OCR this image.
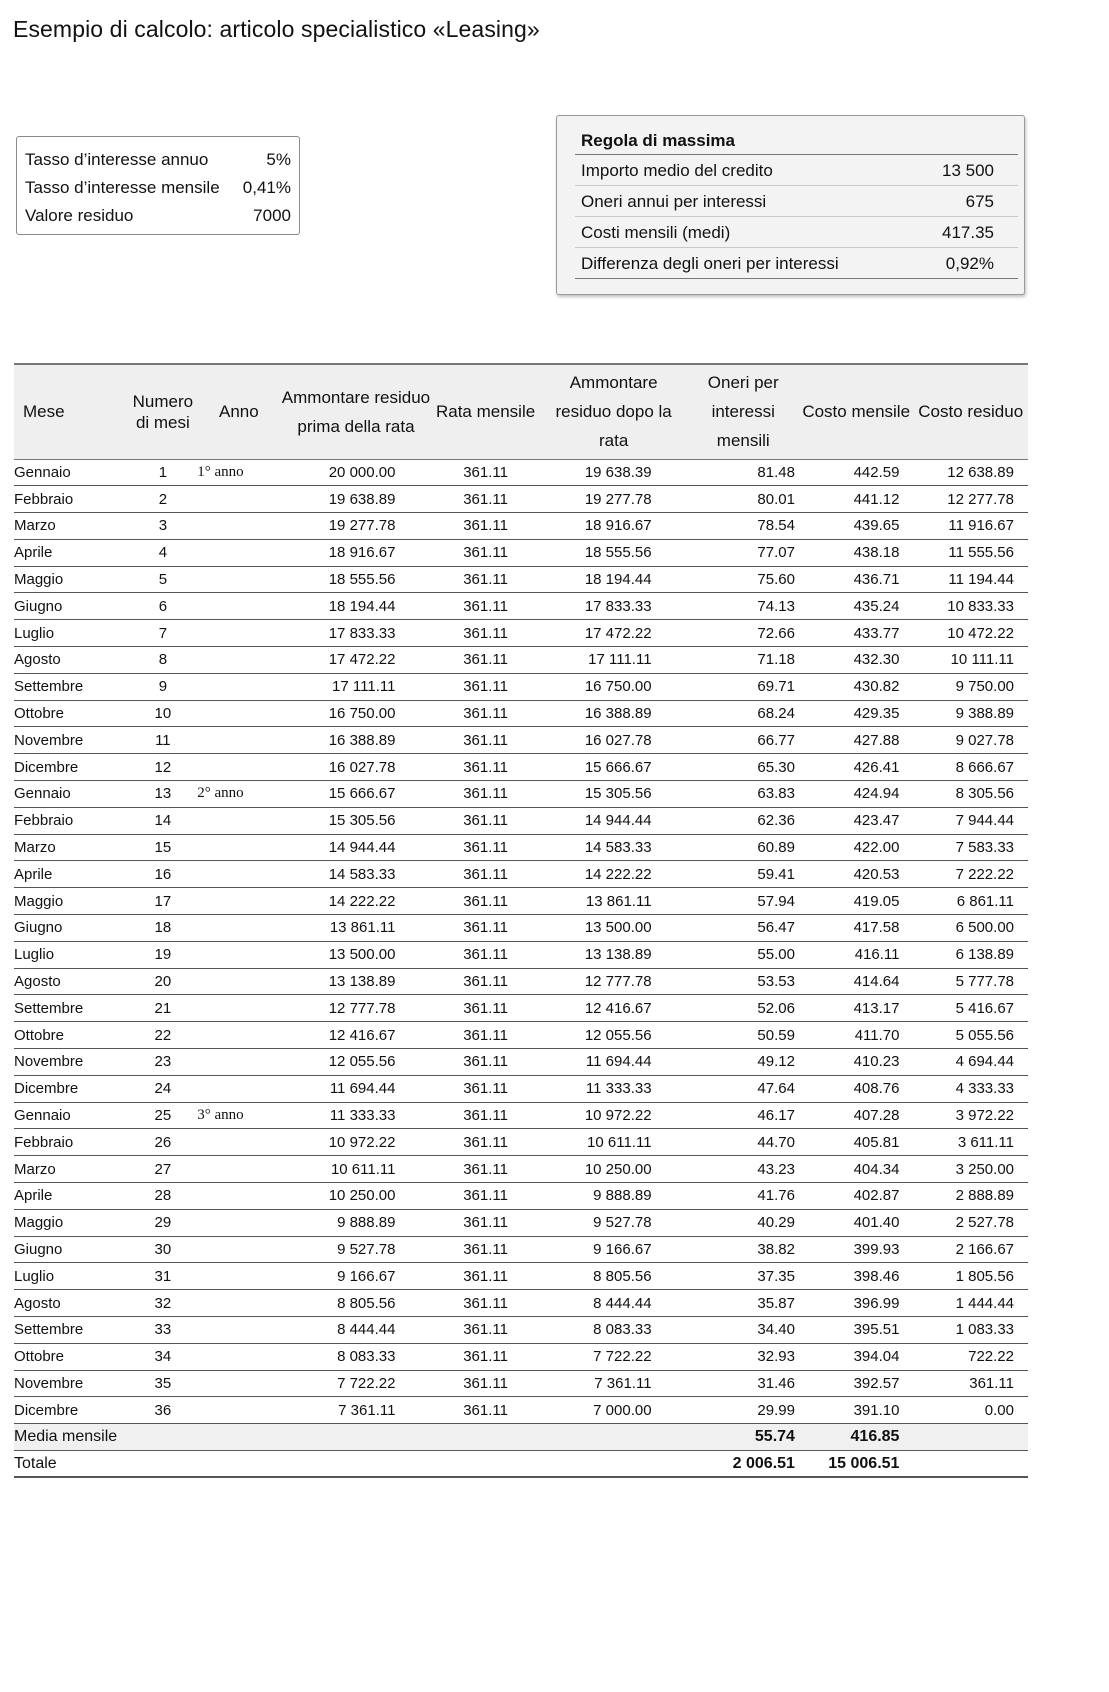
Esempio di calcolo: articolo specialistico «Leasing»
Tasso d’interesse annuo	5%
Tasso d’interesse mensile 0,41%
Valore residuo	7000
Regola di massima
Importo medio del credito	13 500
Oneri annui per interessi	675
Costi mensili (medi)	417.35
Differenza degli oneri per interessi	0,92%
Mese	Numero di mesi	Anno	Ammontare residuo prima della rata	Rata mensile	Ammontare residuo dopo la rata	Oneri per interessi mensili	Costo mensile	Costo residuo
Gennaio	1	1° anno	20 000.00	361.11	19 638.39	81.48	442.59	12 638.89
Febbraio	2		19 638.89	361.11	19 277.78	80.01	441.12	12 277.78
Marzo	3		19 277.78	361.11	18 916.67	78.54	439.65	11 916.67
Aprile	4		18 916.67	361.11	18 555.56	77.07	438.18	11 555.56
Maggio	5		18 555.56	361.11	18 194.44	75.60	436.71	11 194.44
Giugno	6		18 194.44	361.11	17 833.33	74.13	435.24	10 833.33
Luglio	7		17 833.33	361.11	17 472.22	72.66	433.77	10 472.22
Agosto	8		17 472.22	361.11	17 111.11	71.18	432.30	10 111.11
Settembre	9		17 111.11	361.11	16 750.00	69.71	430.82	9 750.00
Ottobre	10		16 750.00	361.11	16 388.89	68.24	429.35	9 388.89
Novembre	11		16 388.89	361.11	16 027.78	66.77	427.88	9 027.78
Dicembre	12		16 027.78	361.11	15 666.67	65.30	426.41	8 666.67
Gennaio	13	2° anno	15 666.67	361.11	15 305.56	63.83	424.94	8 305.56
Febbraio	14		15 305.56	361.11	14 944.44	62.36	423.47	7 944.44
Marzo	15		14 944.44	361.11	14 583.33	60.89	422.00	7 583.33
Aprile	16		14 583.33	361.11	14 222.22	59.41	420.53	7 222.22
Maggio	17		14 222.22	361.11	13 861.11	57.94	419.05	6 861.11
Giugno	18		13 861.11	361.11	13 500.00	56.47	417.58	6 500.00
Luglio	19		13 500.00	361.11	13 138.89	55.00	416.11	6 138.89
Agosto	20		13 138.89	361.11	12 777.78	53.53	414.64	5 777.78
Settembre	21		12 777.78	361.11	12 416.67	52.06	413.17	5 416.67
Ottobre	22		12 416.67	361.11	12 055.56	50.59	411.70	5 055.56
Novembre	23		12 055.56	361.11	11 694.44	49.12	410.23	4 694.44
Dicembre	24		11 694.44	361.11	11 333.33	47.64	408.76	4 333.33
Gennaio	25	3° anno	11 333.33	361.11	10 972.22	46.17	407.28	3 972.22
Febbraio	26		10 972.22	361.11	10 611.11	44.70	405.81	3 611.11
Marzo	27		10 611.11	361.11	10 250.00	43.23	404.34	3 250.00
Aprile	28		10 250.00	361.11	9 888.89	41.76	402.87	2 888.89
Maggio	29		9 888.89	361.11	9 527.78	40.29	401.40	2 527.78
Giugno	30		9 527.78	361.11	9 166.67	38.82	399.93	2 166.67
Luglio	31		9 166.67	361.11	8 805.56	37.35	398.46	1 805.56
Agosto	32		8 805.56	361.11	8 444.44	35.87	396.99	1 444.44
Settembre	33		8 444.44	361.11	8 083.33	34.40	395.51	1 083.33
Ottobre	34		8 083.33	361.11	7 722.22	32.93	394.04	722.22
Novembre	35		7 722.22	361.11	7 361.11	31.46	392.57	361.11
Dicembre	36		7 361.11	361.11	7 000.00	29.99	391.10	0.00
Media mensile						55.74	416.85	
Totale						2 006.51	15 006.51	
